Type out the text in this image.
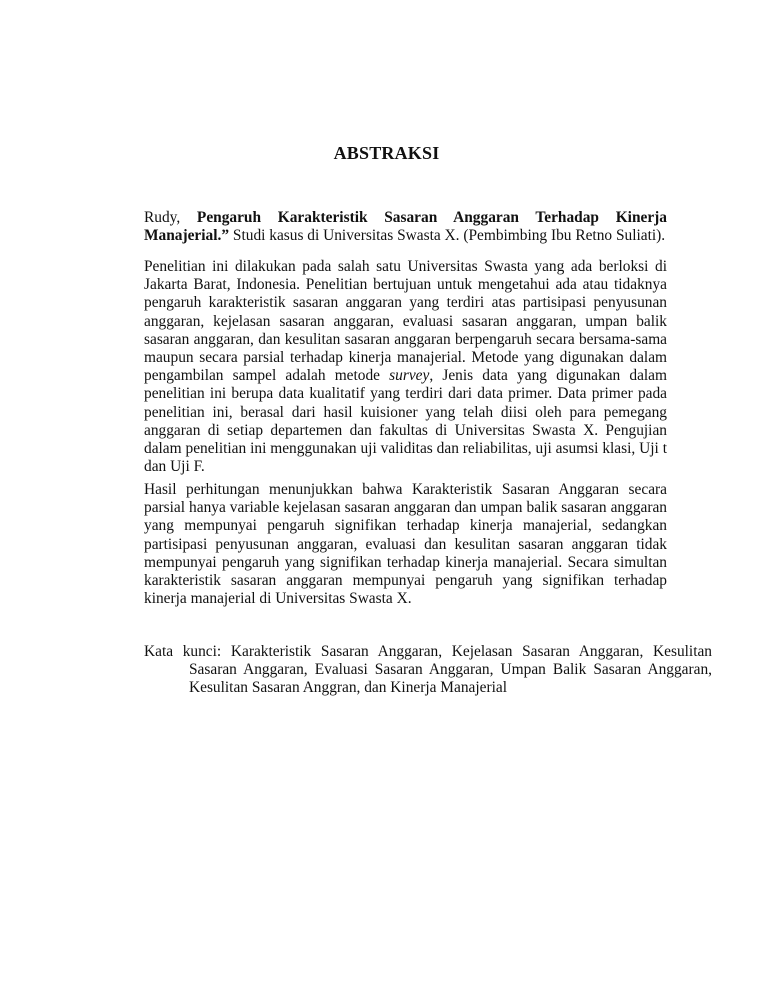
ABSTRAKSI
Rudy, Pengaruh Karakteristik Sasaran Anggaran Terhadap Kinerja Manajerial.” Studi kasus di Universitas Swasta X. (Pembimbing Ibu Retno Suliati).
Penelitian ini dilakukan pada salah satu Universitas Swasta yang ada berloksi di Jakarta Barat, Indonesia. Penelitian bertujuan untuk mengetahui ada atau tidaknya pengaruh karakteristik sasaran anggaran yang terdiri atas partisipasi penyusunan anggaran, kejelasan sasaran anggaran, evaluasi sasaran anggaran, umpan balik sasaran anggaran, dan kesulitan sasaran anggaran berpengaruh secara bersama-sama maupun secara parsial terhadap kinerja manajerial. Metode yang digunakan dalam pengambilan sampel adalah metode survey, Jenis data yang digunakan dalam penelitian ini berupa data kualitatif yang terdiri dari data primer. Data primer pada penelitian ini, berasal dari hasil kuisioner yang telah diisi oleh para pemegang anggaran di setiap departemen dan fakultas di Universitas Swasta X. Pengujian dalam penelitian ini menggunakan uji validitas dan reliabilitas, uji asumsi klasi, Uji t dan Uji F.
Hasil perhitungan menunjukkan bahwa Karakteristik Sasaran Anggaran secara parsial hanya variable kejelasan sasaran anggaran dan umpan balik sasaran anggaran yang mempunyai pengaruh signifikan terhadap kinerja manajerial, sedangkan partisipasi penyusunan anggaran, evaluasi dan kesulitan sasaran anggaran tidak mempunyai pengaruh yang signifikan terhadap kinerja manajerial. Secara simultan karakteristik sasaran anggaran mempunyai pengaruh yang signifikan terhadap kinerja manajerial di Universitas Swasta X.
Kata kunci: Karakteristik Sasaran Anggaran, Kejelasan Sasaran Anggaran, Kesulitan Sasaran Anggaran, Evaluasi Sasaran Anggaran, Umpan Balik Sasaran Anggaran, Kesulitan Sasaran Anggran, dan Kinerja Manajerial
